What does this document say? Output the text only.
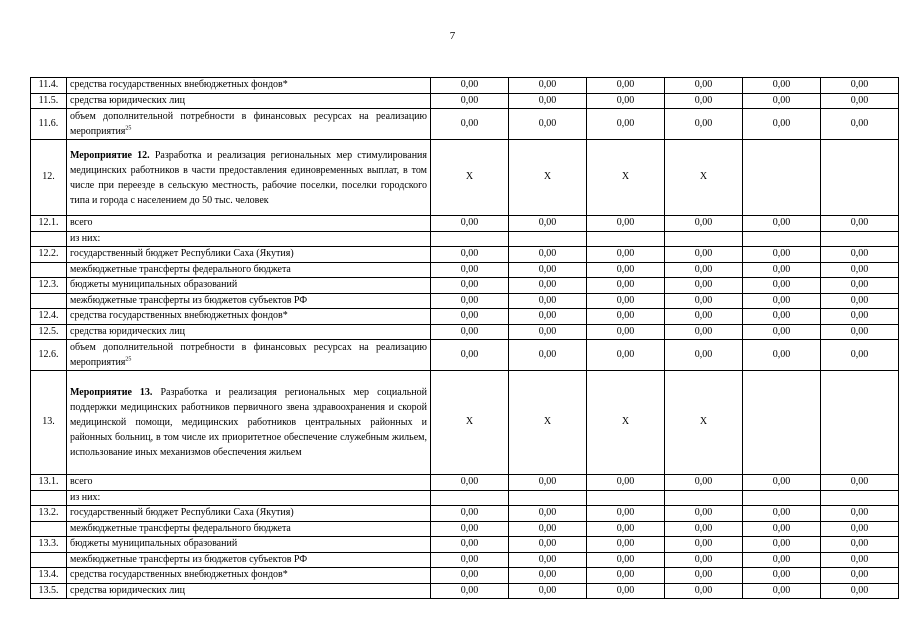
7
11.4.	средства государственных внебюджетных фондов*	0,00	0,00	0,00	0,00	0,00	0,00
11.5.	средства юридических лиц	0,00	0,00	0,00	0,00	0,00	0,00
11.6.	объем дополнительной потребности в финансовых ресурсах на реализацию мероприятия$^{25}$	0,00	0,00	0,00	0,00	0,00	0,00
12.	Мероприятие 12. Разработка и реализация региональных мер стимулирования медицинских работников в части предоставления единовременных выплат, в том числе при переезде в сельскую местность, рабочие поселки, поселки городского типа и города с населением до 50 тыс. человек	X	X	X	X		
12.1.	всего	0,00	0,00	0,00	0,00	0,00	0,00
	из них:						
12.2.	государственный бюджет Республики Саха (Якутия)	0,00	0,00	0,00	0,00	0,00	0,00
	межбюджетные трансферты федерального бюджета	0,00	0,00	0,00	0,00	0,00	0,00
12.3.	бюджеты муниципальных образований	0,00	0,00	0,00	0,00	0,00	0,00
	межбюджетные трансферты из бюджетов субъектов РФ	0,00	0,00	0,00	0,00	0,00	0,00
12.4.	средства государственных внебюджетных фондов*	0,00	0,00	0,00	0,00	0,00	0,00
12.5.	средства юридических лиц	0,00	0,00	0,00	0,00	0,00	0,00
12.6.	объем дополнительной потребности в финансовых ресурсах на реализацию мероприятия$^{25}$	0,00	0,00	0,00	0,00	0,00	0,00
13.	Мероприятие 13. Разработка и реализация региональных мер социальной поддержки медицинских работников первичного звена здравоохранения и скорой медицинской помощи, медицинских работников центральных районных и районных больниц, в том числе их приоритетное обеспечение служебным жильем, использование иных механизмов обеспечения жильем	X	X	X	X		
13.1.	всего	0,00	0,00	0,00	0,00	0,00	0,00
	из них:						
13.2.	государственный бюджет Республики Саха (Якутия)	0,00	0,00	0,00	0,00	0,00	0,00
	межбюджетные трансферты федерального бюджета	0,00	0,00	0,00	0,00	0,00	0,00
13.3.	бюджеты муниципальных образований	0,00	0,00	0,00	0,00	0,00	0,00
	межбюджетные трансферты из бюджетов субъектов РФ	0,00	0,00	0,00	0,00	0,00	0,00
13.4.	средства государственных внебюджетных фондов*	0,00	0,00	0,00	0,00	0,00	0,00
13.5.	средства юридических лиц	0,00	0,00	0,00	0,00	0,00	0,00
